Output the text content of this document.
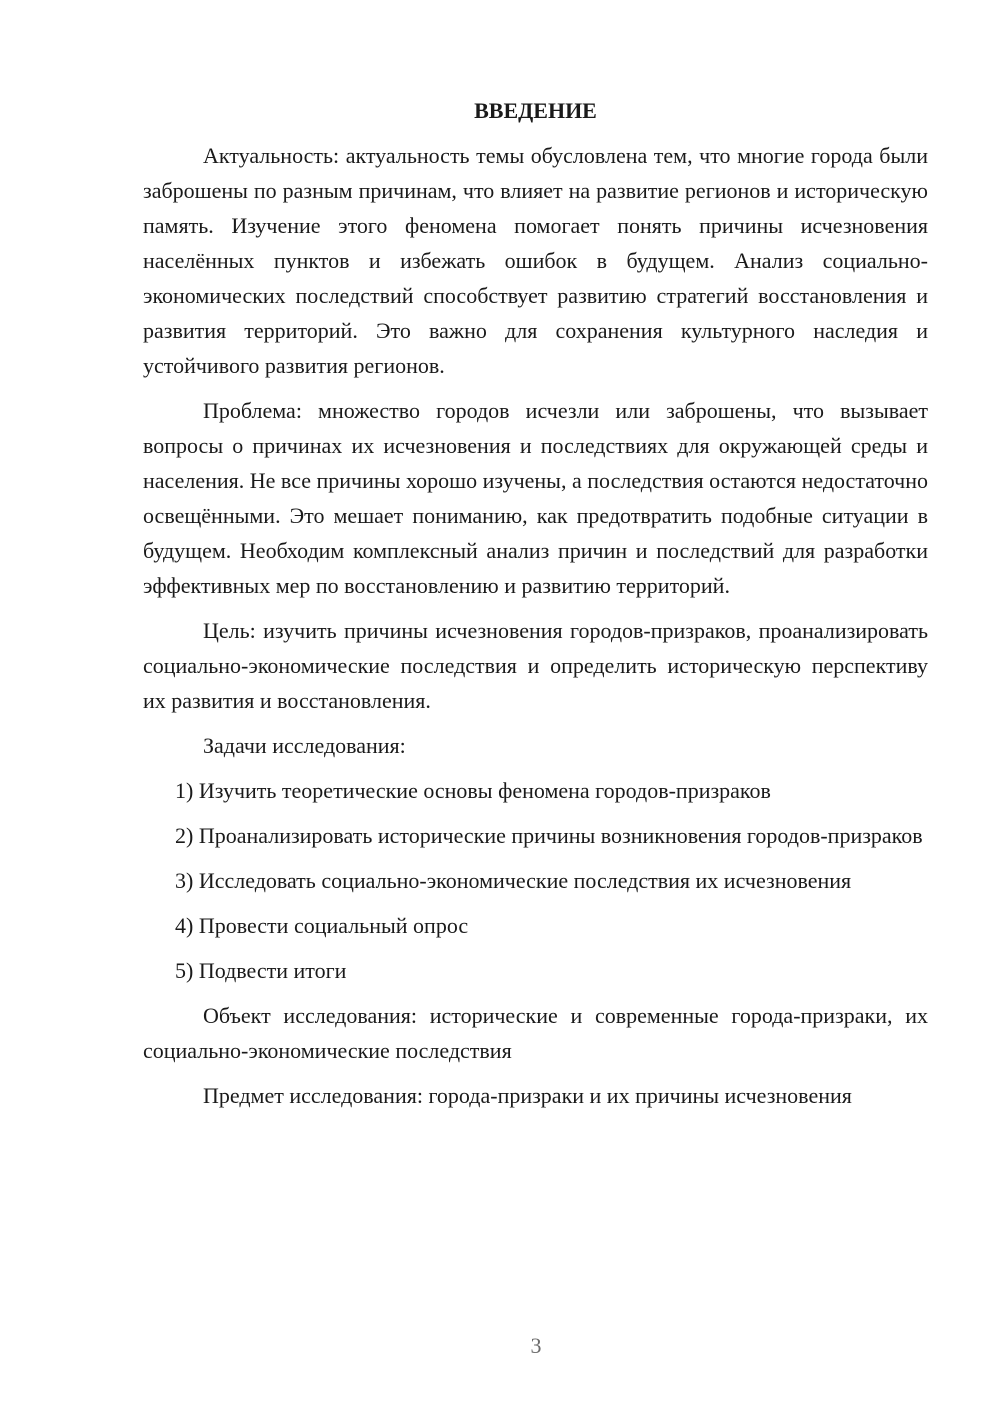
ВВЕДЕНИЕ

Актуальность: актуальность темы обусловлена тем, что многие города были заброшены по разным причинам, что влияет на развитие регионов и историческую память. Изучение этого феномена помогает понять причины исчезновения населённых пунктов и избежать ошибок в будущем. Анализ социально-экономических последствий способствует развитию стратегий восстановления и развития территорий. Это важно для сохранения культурного наследия и устойчивого развития регионов.

Проблема: множество городов исчезли или заброшены, что вызывает вопросы о причинах их исчезновения и последствиях для окружающей среды и населения. Не все причины хорошо изучены, а последствия остаются недостаточно освещёнными. Это мешает пониманию, как предотвратить подобные ситуации в будущем. Необходим комплексный анализ причин и последствий для разработки эффективных мер по восстановлению и развитию территорий.

Цель: изучить причины исчезновения городов-призраков, проанализировать социально-экономические последствия и определить историческую перспективу их развития и восстановления.

Задачи исследования:

1) Изучить теоретические основы феномена городов-призраков

2) Проанализировать исторические причины возникновения городов-призраков

3) Исследовать социально-экономические последствия их исчезновения

4) Провести социальный опрос

5) Подвести итоги

Объект исследования: исторические и современные города-призраки, их социально-экономические последствия

Предмет исследования: города-призраки и их причины исчезновения

3
